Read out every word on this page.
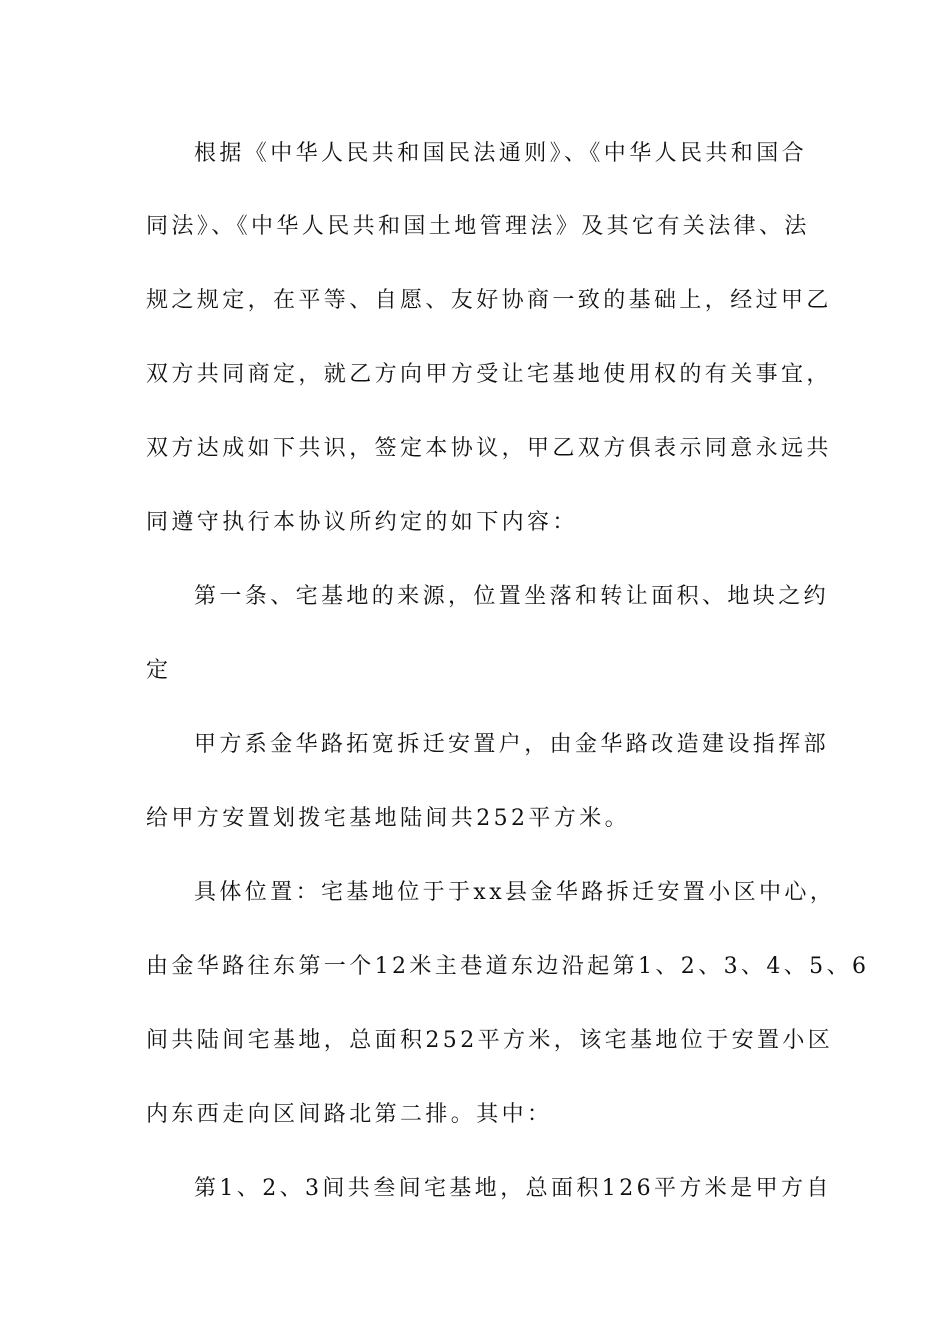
根据《中华人民共和国民法通则》、《中华人民共和国合
同法》、《中华人民共和国土地管理法》及其它有关法律、法
规之规定，在平等、自愿、友好协商一致的基础上，经过甲乙
双方共同商定，就乙方向甲方受让宅基地使用权的有关事宜，
双方达成如下共识，签定本协议，甲乙双方俱表示同意永远共
同遵守执行本协议所约定的如下内容：
第一条、宅基地的来源，位置坐落和转让面积、地块之约
定
甲方系金华路拓宽拆迁安置户，由金华路改造建设指挥部
给甲方安置划拨宅基地陆间共252平方米。
具体位置：宅基地位于于xx县金华路拆迁安置小区中心，
由金华路往东第一个12米主巷道东边沿起第1、2、3、4、5、6
间共陆间宅基地，总面积252平方米，该宅基地位于安置小区
内东西走向区间路北第二排。其中：
第1、2、3间共叁间宅基地，总面积126平方米是甲方自
